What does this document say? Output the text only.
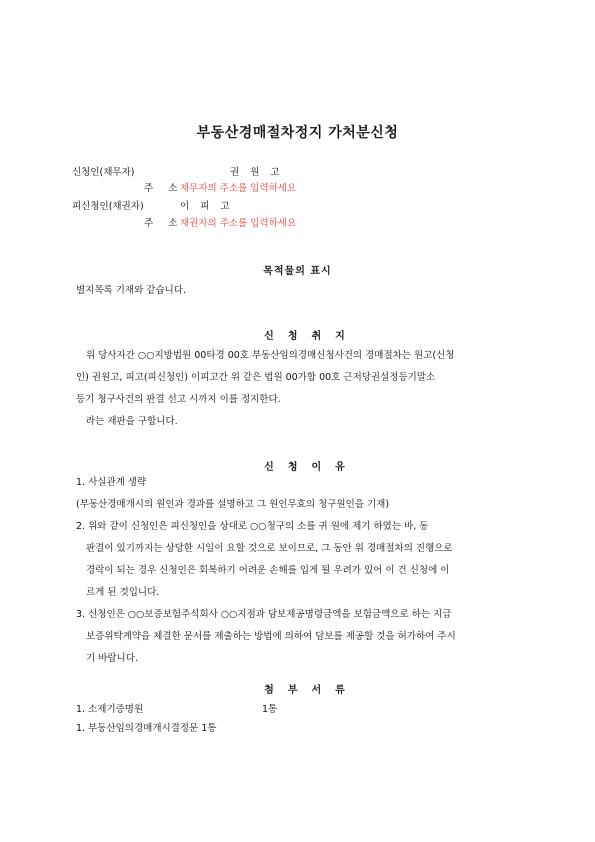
부동산경매절차정지 가처분신청
신청인(채무자)	권 원 고
주 소
채무자의 주소를 입력하세요
피신청인(채권자)	이 피 고
주 소
채권자의 주소를 입력하세요
목적물의 표시
별지목록 기재와 같습니다.
신청취지
위 당사자간 ○○지방법원 00타경 00호 부동산임의경매신청사건의 경매절차는 원고(신청
인) 권원고, 피고(피신청인) 이피고간 위 같은 법원 00가합 00호 근저당권설정등기말소
등기 청구사건의 판결 선고 시까지 이를 정지한다.
라는 재판을 구합니다.
신청이유
1. 사실관계 생략
(부동산경매개시의 원인과 경과를 설명하고 그 원인무효의 청구원인을 기재)
2. 위와 같이 신청인은 피신청인을 상대로 ○○청구의 소를 귀 원에 제기 하였는 바, 동
판결이 있기까지는 상당한 시일이 요할 것으로 보이므로, 그 동안 위 경매절차의 진행으로
경락이 되는 경우 신청인은 회복하기 어려운 손해를 입게 될 우려가 있어 이 건 신청에 이
르게 된 것입니다.
3. 신청인은 ○○보증보험주식회사 ○○지점과 담보제공명령금액을 보험금액으로 하는 지급
보증위탁계약을 체결한 문서를 제출하는 방법에 의하여 담보를 제공할 것을 허가하여 주시
기 바랍니다.
첨부서류
1. 소제기증명원	1통
1. 부동산임의경매개시결정문 1통
